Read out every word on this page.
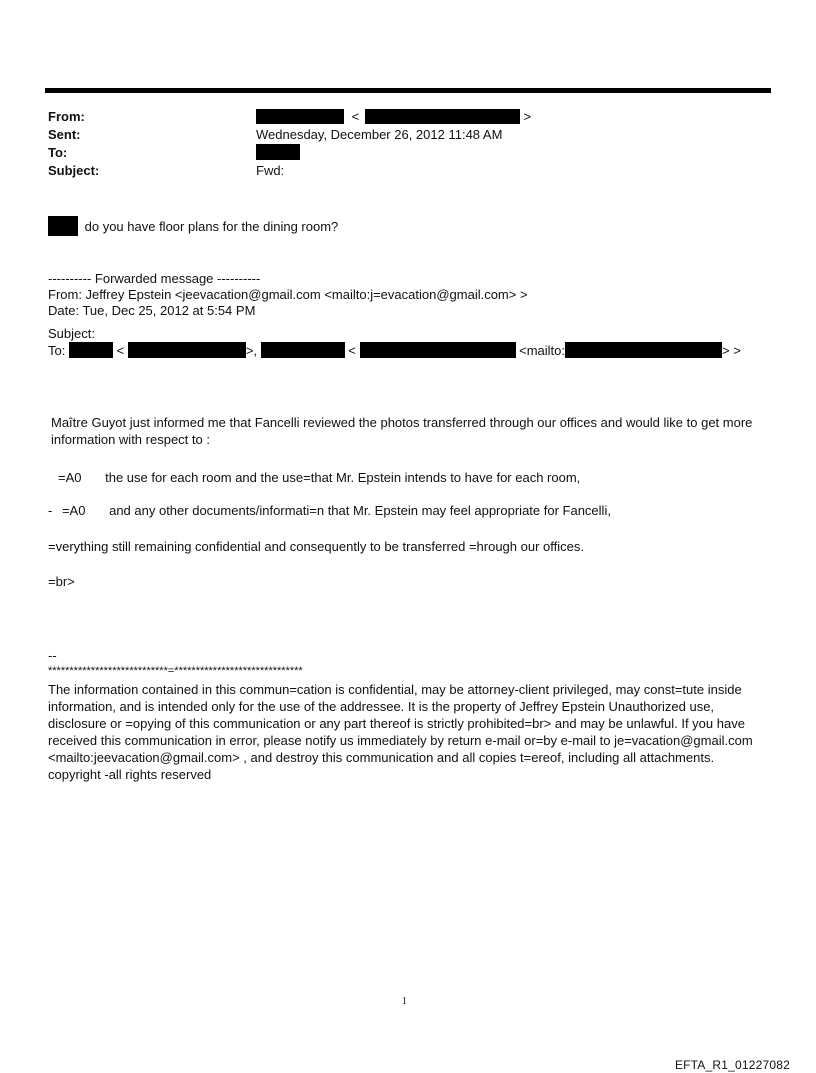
From:	<	>
Sent:	Wednesday, December 26, 2012 11:48 AM
To:
Subject:	Fwd:
do you have floor plans for the dining room?
---------- Forwarded message ----------
From: Jeffrey Epstein <jeevacation@gmail.com <mailto:j=evacation@gmail.com> >
Date: Tue, Dec 25, 2012 at 5:54 PM
Subject:
To:	<	>,	<	<mailto:	> >
Maître Guyot just informed me that Fancelli reviewed the photos transferred through our offices and would like to get more information with respect to :
=A0 the use for each room and the use=that Mr. Epstein intends to have for each room,
- =A0 and any other documents/informati=n that Mr. Epstein may feel appropriate for Fancelli,
=verything still remaining confidential and consequently to be transferred =hrough our offices.
=br>
--
****************************=******************************
The information contained in this commun=cation is confidential, may be attorney-client privileged, may const=tute inside information, and is intended only for the use of the addressee. It is the property of Jeffrey Epstein Unauthorized use, disclosure or =opying of this communication or any part thereof is strictly prohibited=br> and may be unlawful. If you have received this communication in error, please notify us immediately by return e-mail or=by e-mail to je=vacation@gmail.com <mailto:jeevacation@gmail.com> , and destroy this communication and all copies t=ereof, including all attachments. copyright -all rights reserved
1
EFTA_R1_01227082
